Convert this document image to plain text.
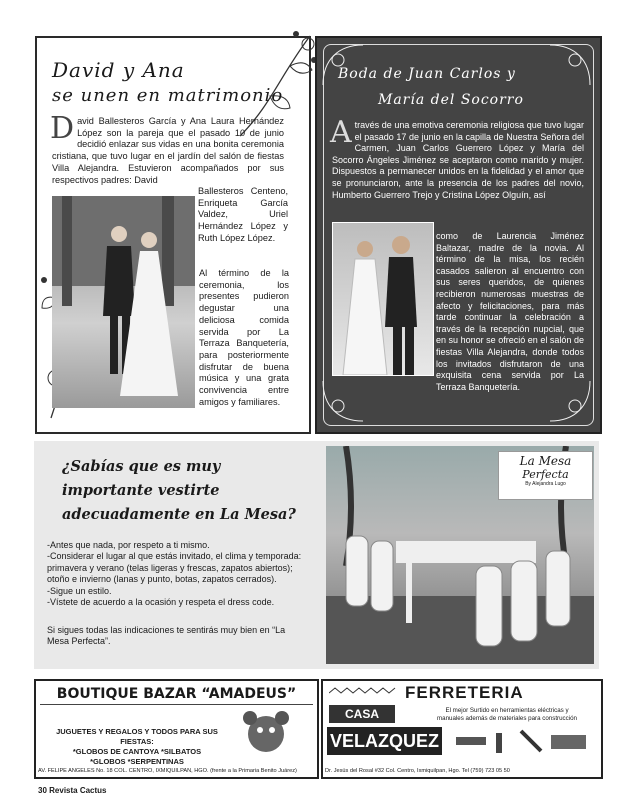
David y Ana
se unen en matrimonio
David Ballesteros García y Ana Laura Hernández López son la pareja que el pasado 10 de junio decidió enlazar sus vidas en una bonita ceremonia cristiana, que tuvo lugar en el jardín del salón de fiestas Villa Alejandra. Estuvieron acompañados por sus respectivos padres: David
Ballesteros Centeno, Enriqueta García Valdez, Uriel Hernández López y Ruth López López.
Al término de la ceremonia, los presentes pudieron degustar una deliciosa comida servida por La Terraza Banquetería, para posteriormente disfrutar de buena música y una grata convivencia entre amigos y familiares.
Boda de Juan Carlos y
María del Socorro
A través de una emotiva ceremonia religiosa que tuvo lugar el pasado 17 de junio en la capilla de Nuestra Señora del Carmen, Juan Carlos Guerrero López y María del Socorro Ángeles Jiménez se aceptaron como marido y mujer. Dispuestos a permanecer unidos en la fidelidad y el amor que se pronunciaron, ante la presencia de los padres del novio, Humberto Guerrero Trejo y Cristina López Olguín, así
como de Laurencia Jiménez Baltazar, madre de la novia. Al término de la misa, los recién casados salieron al encuentro con sus seres queridos, de quienes recibieron numerosas muestras de afecto y felicitaciones, para más tarde continuar la celebración a través de la recepción nupcial, que en su honor se ofreció en el salón de fiestas Villa Alejandra, donde todos los invitados disfrutaron de una exquisita cena servida por La Terraza Banquetería.
¿Sabías que es muy importante vestirte adecuadamente en La Mesa?
-Antes que nada, por respeto a ti mismo.
-Considerar el lugar al que estás invitado, el clima y temporada: primavera y verano (telas ligeras y frescas, zapatos abiertos); otoño e invierno (lanas y punto, botas, zapatos cerrados).
-Sigue un estilo.
-Vístete de acuerdo a la ocasión y respeta el dress code.
Si sigues todas las indicaciones te sentirás muy bien en “La Mesa Perfecta”.
La Mesa
Perfecta
By Alejandra Lugo
BOUTIQUE BAZAR “AMADEUS”
JUGUETES Y REGALOS Y TODOS PARA SUS FIESTAS:
*GLOBOS DE CANTOYA *SILBATOS
*GLOBOS *SERPENTINAS
AV. FELIPE ANGELES No. 18 COL. CENTRO, IXMIQUILPAN, HGO. (frente a la Primaria Benito Juárez)
FERRETERIA
CASA
VELAZQUEZ
El mejor Surtido en herramientas eléctricas y
manuales además de materiales para construcción
Dr. Jesús del Rosal #32 Col. Centro, Ixmiquilpan, Hgo. Tel (759) 723 05 50
30 Revista Cactus
